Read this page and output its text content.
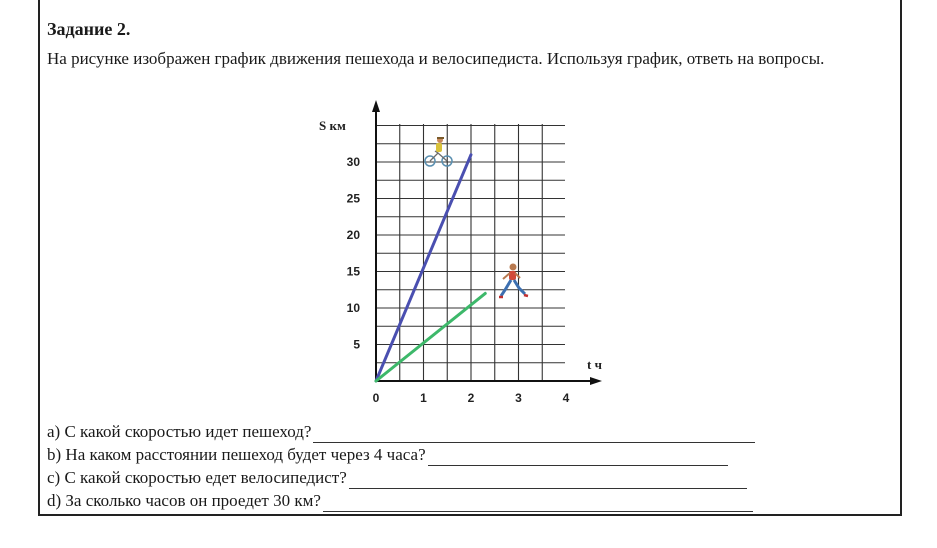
Задание 2.
На рисунке изображен график движения пешехода и велосипедиста. Используя график, ответь на вопросы.
0	1	2	3	4
5
10
15
20
25
30
S км
t ч
а) С какой скоростью идет пешеход?
b) На каком расстоянии пешеход будет через 4 часа?
с) С какой скоростью едет велосипедист?
d) За сколько часов он проедет 30 км?
